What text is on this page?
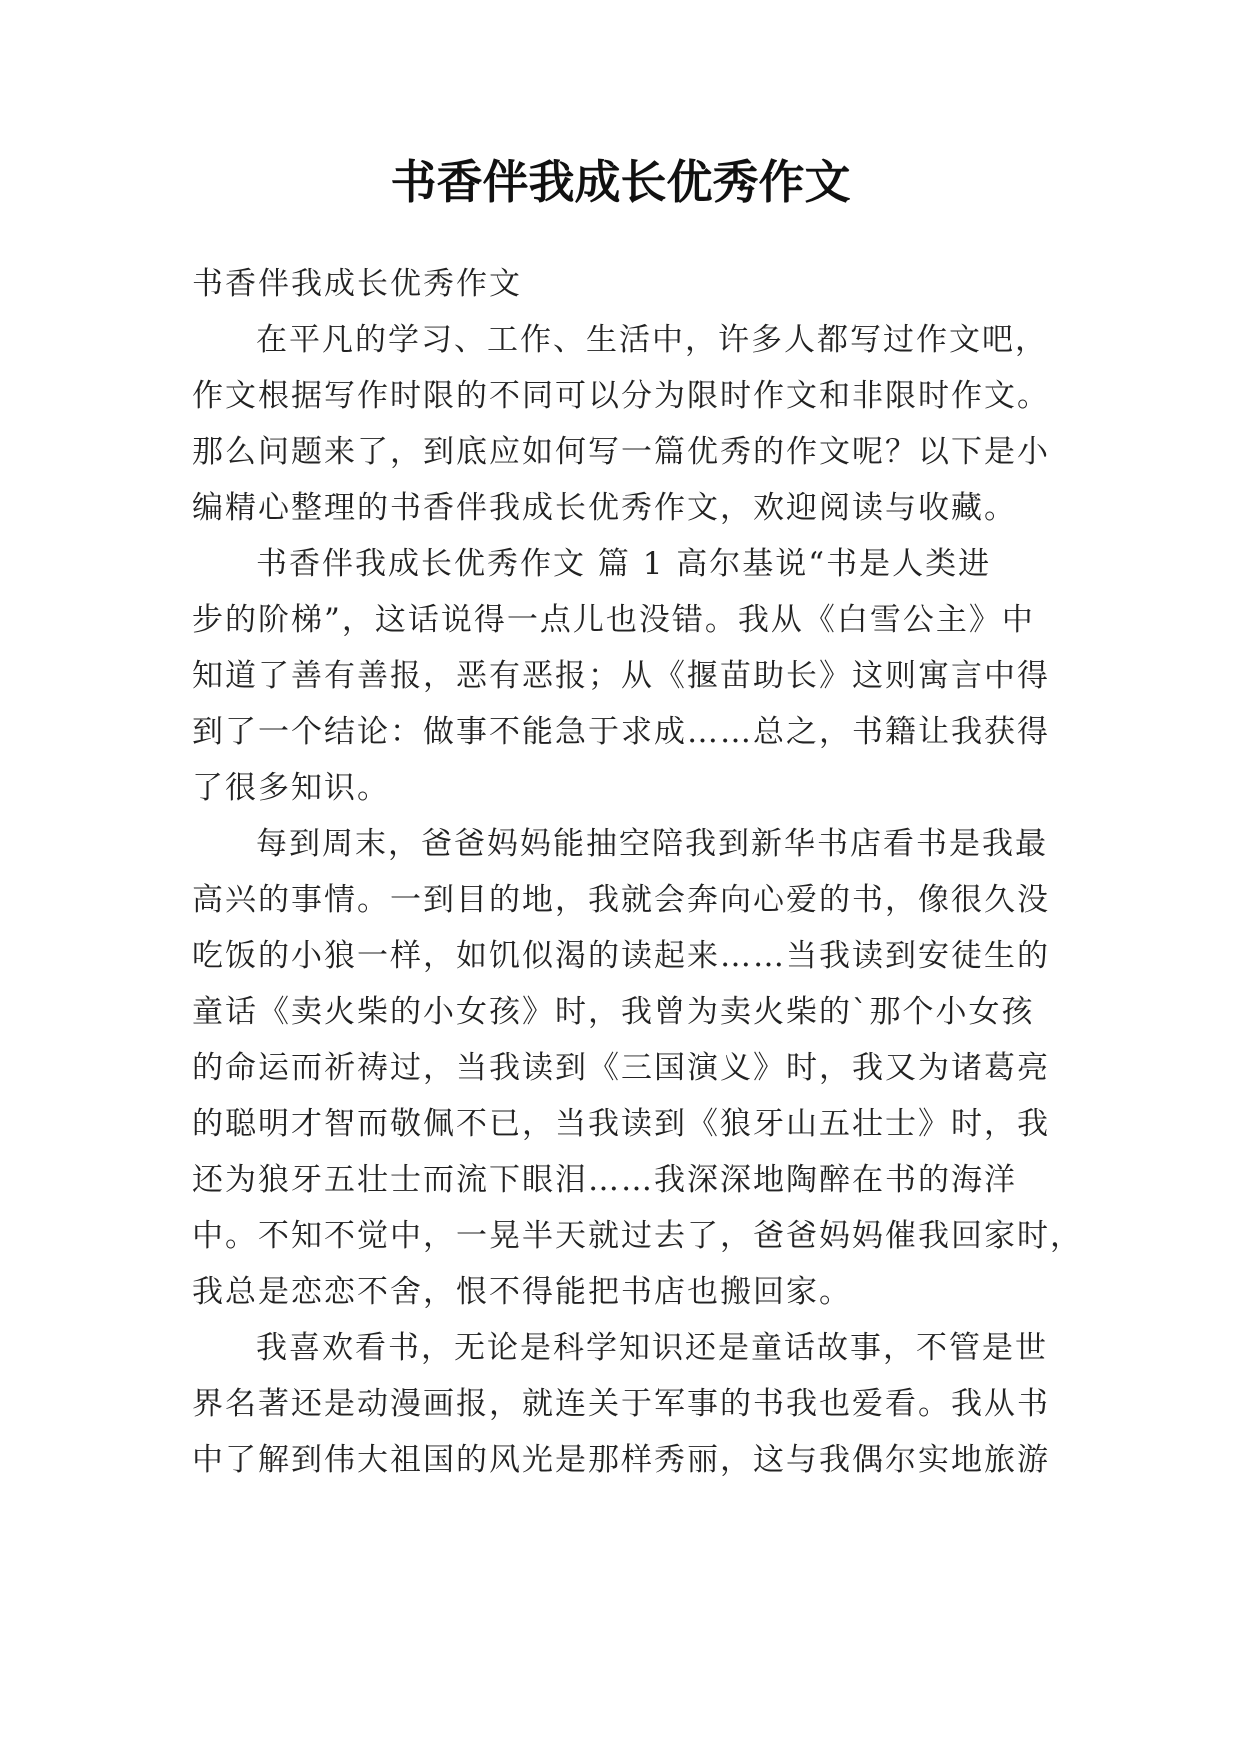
书香伴我成长优秀作文

书香伴我成长优秀作文

在平凡的学习、工作、生活中，许多人都写过作文吧，

作文根据写作时限的不同可以分为限时作文和非限时作文。

那么问题来了，到底应如何写一篇优秀的作文呢？以下是小

编精心整理的书香伴我成长优秀作文，欢迎阅读与收藏。

书香伴我成长优秀作文 篇 1 高尔基说“书是人类进

步的阶梯”，这话说得一点儿也没错。我从《白雪公主》中

知道了善有善报，恶有恶报；从《揠苗助长》这则寓言中得

到了一个结论：做事不能急于求成……总之，书籍让我获得

了很多知识。

每到周末，爸爸妈妈能抽空陪我到新华书店看书是我最

高兴的事情。一到目的地，我就会奔向心爱的书，像很久没

吃饭的小狼一样，如饥似渴的读起来……当我读到安徒生的

童话《卖火柴的小女孩》时，我曾为卖火柴的`那个小女孩

的命运而祈祷过，当我读到《三国演义》时，我又为诸葛亮

的聪明才智而敬佩不已，当我读到《狼牙山五壮士》时，我

还为狼牙五壮士而流下眼泪……我深深地陶醉在书的海洋

中。不知不觉中，一晃半天就过去了，爸爸妈妈催我回家时，

我总是恋恋不舍，恨不得能把书店也搬回家。

我喜欢看书，无论是科学知识还是童话故事，不管是世

界名著还是动漫画报，就连关于军事的书我也爱看。我从书

中了解到伟大祖国的风光是那样秀丽，这与我偶尔实地旅游
